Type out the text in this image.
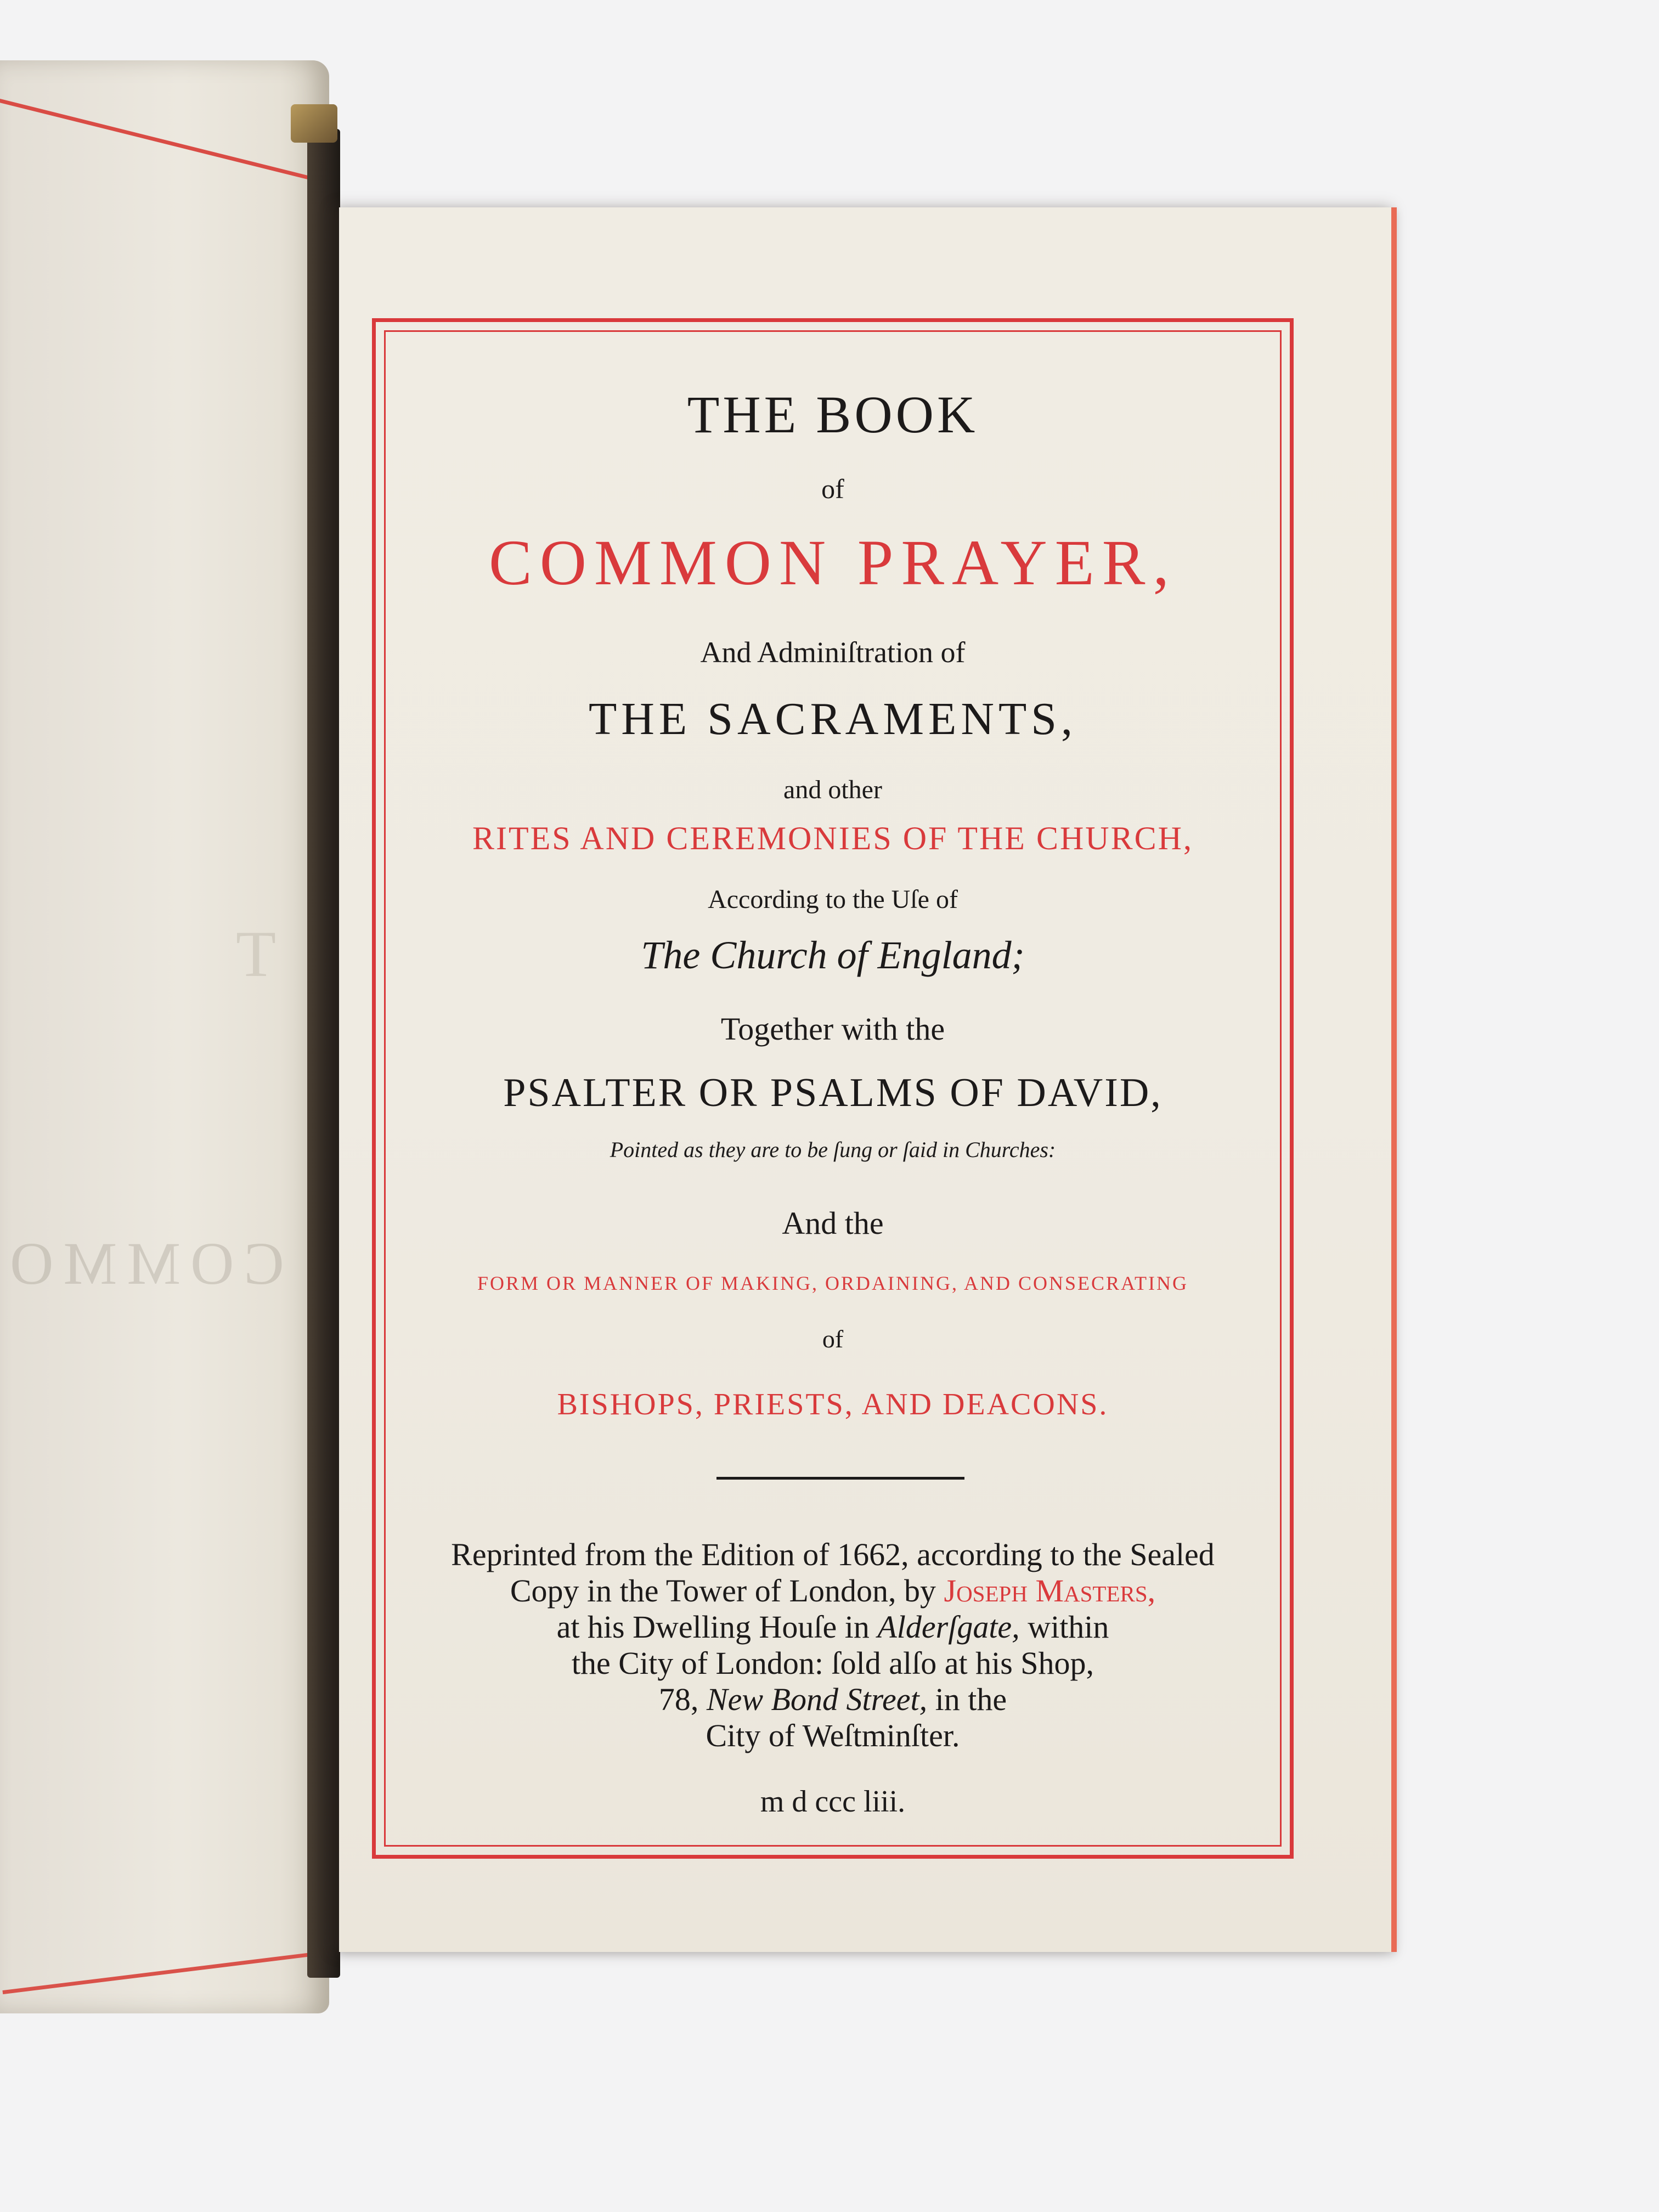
T
COMMO
THE BOOK
of
COMMON PRAYER,
And Adminiſtration of
THE SACRAMENTS,
and other
RITES AND CEREMONIES OF THE CHURCH,
According to the Uſe of
The Church of England;
Together with the
PSALTER OR PSALMS OF DAVID,
Pointed as they are to be ſung or ſaid in Churches:
And the
FORM OR MANNER OF MAKING, ORDAINING, AND CONSECRATING
of
BISHOPS, PRIESTS, AND DEACONS.
Reprinted from the Edition of 1662, according to the Sealed
Copy in the Tower of London, by Joseph Masters,
at his Dwelling Houſe in Alderſgate, within
the City of London: ſold alſo at his Shop,
78, New Bond Street, in the
City of Weſtminſter.
m d ccc liii.
